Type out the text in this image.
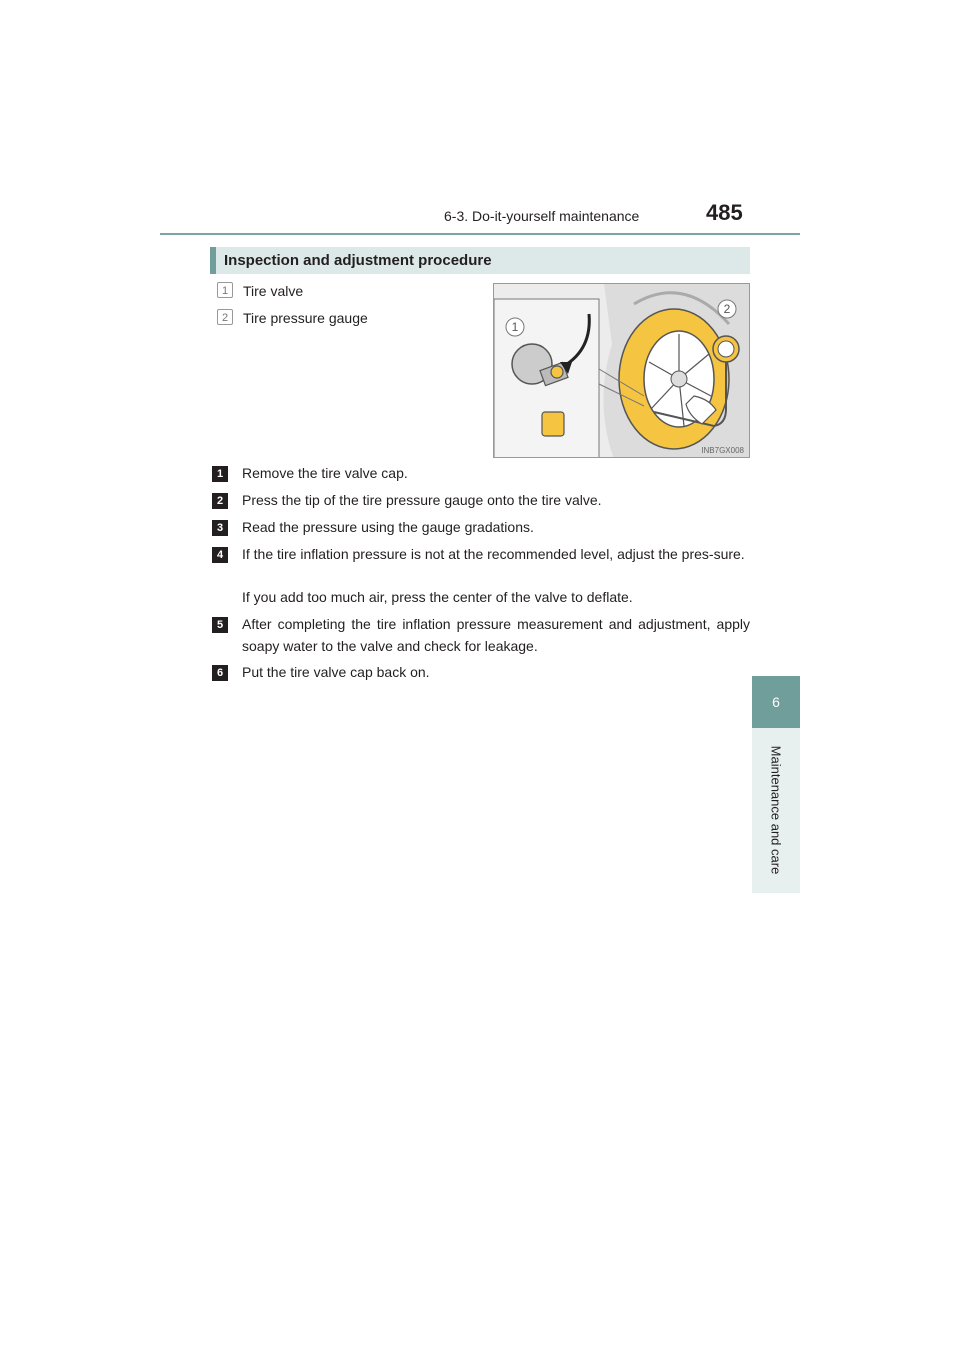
6-3. Do-it-yourself maintenance	485
6
Maintenance and care
Inspection and adjustment procedure
1	Tire valve
2	Tire pressure gauge
1
2
INB7GX008
1	Remove the tire valve cap.
2	Press the tip of the tire pressure gauge onto the tire valve.
3	Read the pressure using the gauge gradations.
4	If the tire inflation pressure is not at the recommended level, adjust the pres-sure.
If you add too much air, press the center of the valve to deflate.
5	After completing the tire inflation pressure measurement and adjustment, apply soapy water to the valve and check for leakage.
6	Put the tire valve cap back on.
